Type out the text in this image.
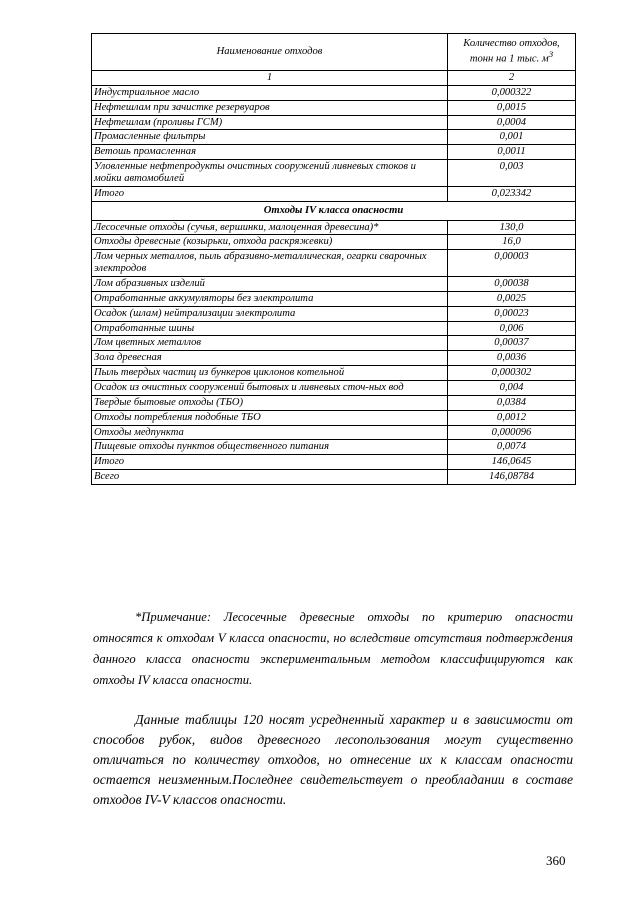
Наименование отходов	Количество отходов,
тонн на 1 тыс. $м^3$
1	2
Индустриальное масло	0,000322
Нефтешлам при зачистке резервуаров	0,0015
Нефтешлам (проливы ГСМ)	0,0004
Промасленные фильтры	0,001
Ветошь промасленная	0,0011
Уловленные нефтепродукты очистных сооружений ливневых стоков и мойки автомобилей	0,003
Итого	0,023342
Отходы IV класса опасности	
Лесосечные отходы (сучья, вершинки, малоценная древесина)*	130,0
Отходы древесные (козырьки, отхода раскряжевки)	16,0
Лом черных металлов, пыль абразивно-металлическая, огарки сварочных электродов	0,00003
Лом абразивных изделий	0,00038
Отработанные аккумуляторы без электролита	0,0025
Осадок (шлам) нейтрализации электролита	0,00023
Отработанные шины	0,006
Лом цветных металлов	0,00037
Зола древесная	0,0036
Пыль твердых частиц из бункеров циклонов котельной	0,000302
Осадок из очистных сооружений бытовых и ливневых сточ-ных вод	0,004
Твердые бытовые отходы (ТБО)	0,0384
Отходы потребления подобные ТБО	0,0012
Отходы медпункта	0,000096
Пищевые отходы пунктов общественного питания	0,0074
Итого	146,0645
Всего	146,08784

*Примечание: Лесосечные древесные отходы по критерию опасности относятся к отходам V класса опасности, но вследствие отсутствия подтверждения данного класса опасности экспериментальным методом классифицируются как отходы IV класса опасности.

Данные таблицы 120 носят усредненный характер и в зависимости от способов рубок, видов древесного лесопользования могут существенно отличаться по количеству отходов, но отнесение их к классам опасности остается неизменным.Последнее свидетельствует о преобладании в составе отходов IV-V классов опасности.

360
